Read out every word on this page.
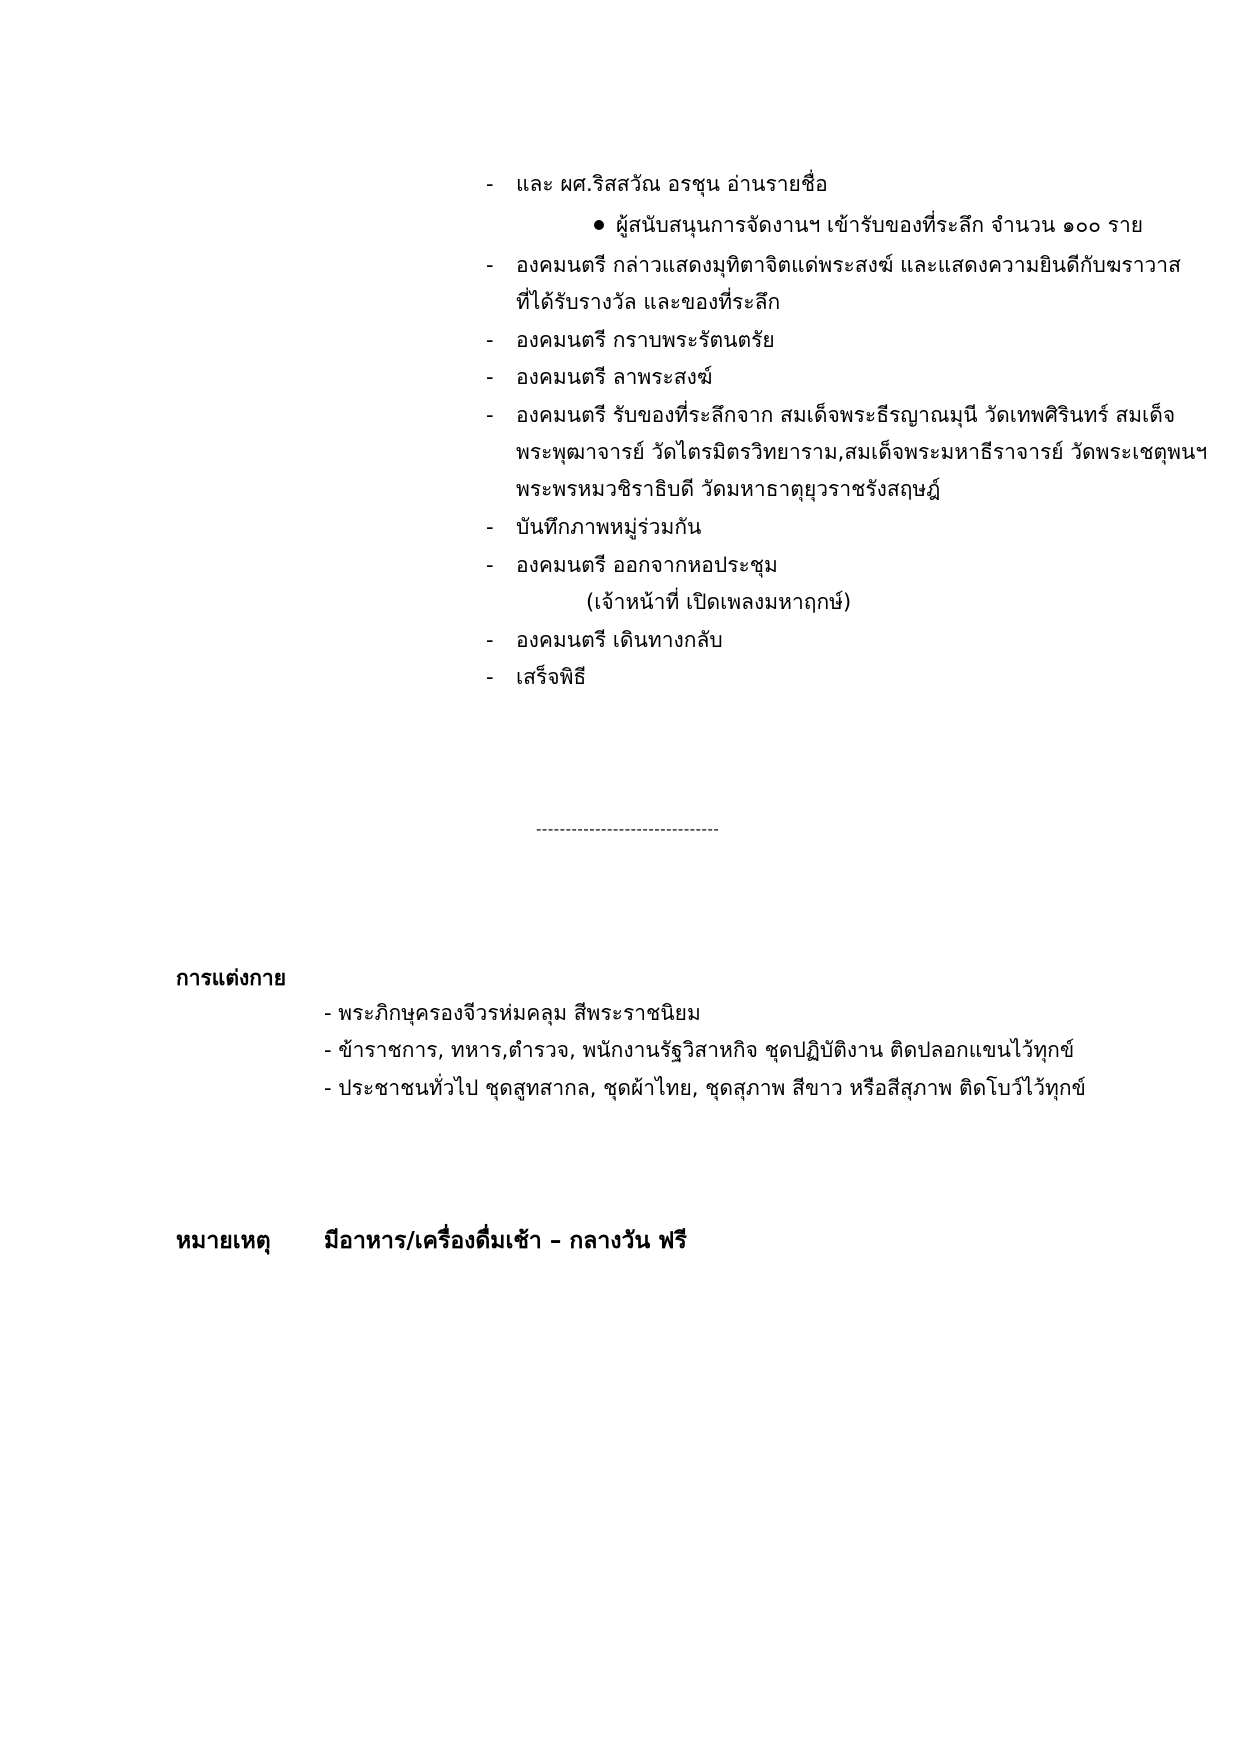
- และ ผศ.ริสสวัณ อรชุน อ่านรายชื่อ
ผู้สนับสนุนการจัดงานฯ เข้ารับของที่ระลึก จำนวน ๑๐๐ ราย
- องคมนตรี กล่าวแสดงมุทิตาจิตแด่พระสงฆ์ และแสดงความยินดีกับฆราวาส
ที่ได้รับรางวัล และของที่ระลึก
- องคมนตรี กราบพระรัตนตรัย
- องคมนตรี ลาพระสงฆ์
- องคมนตรี รับของที่ระลึกจาก สมเด็จพระธีรญาณมุนี วัดเทพศิรินทร์ สมเด็จ
พระพุฒาจารย์ วัดไตรมิตรวิทยาราม,สมเด็จพระมหาธีราจารย์ วัดพระเชตุพนฯ
พระพรหมวชิราธิบดี วัดมหาธาตุยุวราชรังสฤษฎ์
- บันทึกภาพหมู่ร่วมกัน
- องคมนตรี ออกจากหอประชุม
(เจ้าหน้าที่ เปิดเพลงมหาฤกษ์)
- องคมนตรี เดินทางกลับ
- เสร็จพิธี
-------------------------------
การแต่งกาย
- พระภิกษุครองจีวรห่มคลุม สีพระราชนิยม
- ข้าราชการ, ทหาร,ตำรวจ, พนักงานรัฐวิสาหกิจ ชุดปฏิบัติงาน ติดปลอกแขนไว้ทุกข์
- ประชาชนทั่วไป ชุดสูทสากล, ชุดผ้าไทย, ชุดสุภาพ สีขาว หรือสีสุภาพ ติดโบว์ไว้ทุกข์
หมายเหตุ มีอาหาร/เครื่องดื่มเช้า – กลางวัน ฟรี
